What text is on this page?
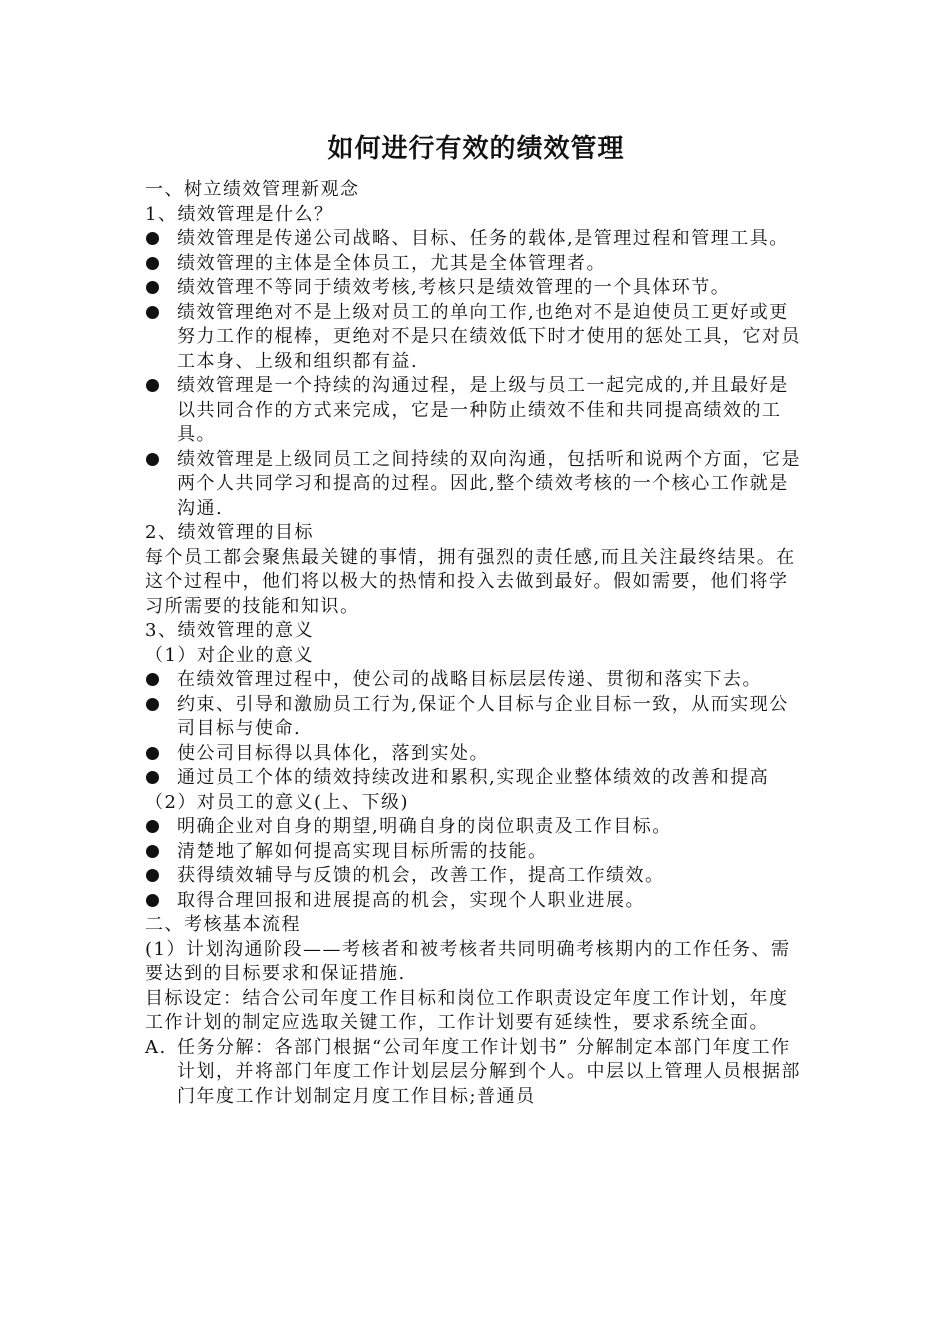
如何进行有效的绩效管理
一、树立绩效管理新观念
1、绩效管理是什么？
绩效管理是传递公司战略、目标、任务的载体,是管理过程和管理工具。
绩效管理的主体是全体员工，尤其是全体管理者。
绩效管理不等同于绩效考核,考核只是绩效管理的一个具体环节。
绩效管理绝对不是上级对员工的单向工作,也绝对不是迫使员工更好或更努力工作的棍棒，更绝对不是只在绩效低下时才使用的惩处工具，它对员工本身、上级和组织都有益.
绩效管理是一个持续的沟通过程，是上级与员工一起完成的,并且最好是以共同合作的方式来完成，它是一种防止绩效不佳和共同提高绩效的工具。
绩效管理是上级同员工之间持续的双向沟通，包括听和说两个方面，它是两个人共同学习和提高的过程。因此,整个绩效考核的一个核心工作就是沟通.
2、绩效管理的目标
每个员工都会聚焦最关键的事情，拥有强烈的责任感,而且关注最终结果。在这个过程中，他们将以极大的热情和投入去做到最好。假如需要，他们将学习所需要的技能和知识。
3、绩效管理的意义
（1）对企业的意义
在绩效管理过程中，使公司的战略目标层层传递、贯彻和落实下去。
约束、引导和激励员工行为,保证个人目标与企业目标一致，从而实现公司目标与使命.
使公司目标得以具体化，落到实处。
通过员工个体的绩效持续改进和累积,实现企业整体绩效的改善和提高
（2）对员工的意义(上、下级)
明确企业对自身的期望,明确自身的岗位职责及工作目标。
清楚地了解如何提高实现目标所需的技能。
获得绩效辅导与反馈的机会，改善工作，提高工作绩效。
取得合理回报和进展提高的机会，实现个人职业进展。
二、考核基本流程
(1）计划沟通阶段——考核者和被考核者共同明确考核期内的工作任务、需要达到的目标要求和保证措施.
目标设定：结合公司年度工作目标和岗位工作职责设定年度工作计划，年度工作计划的制定应选取关键工作，工作计划要有延续性，要求系统全面。
A. 任务分解：各部门根据“公司年度工作计划书” 分解制定本部门年度工作计划，并将部门年度工作计划层层分解到个人。中层以上管理人员根据部门年度工作计划制定月度工作目标;普通员
